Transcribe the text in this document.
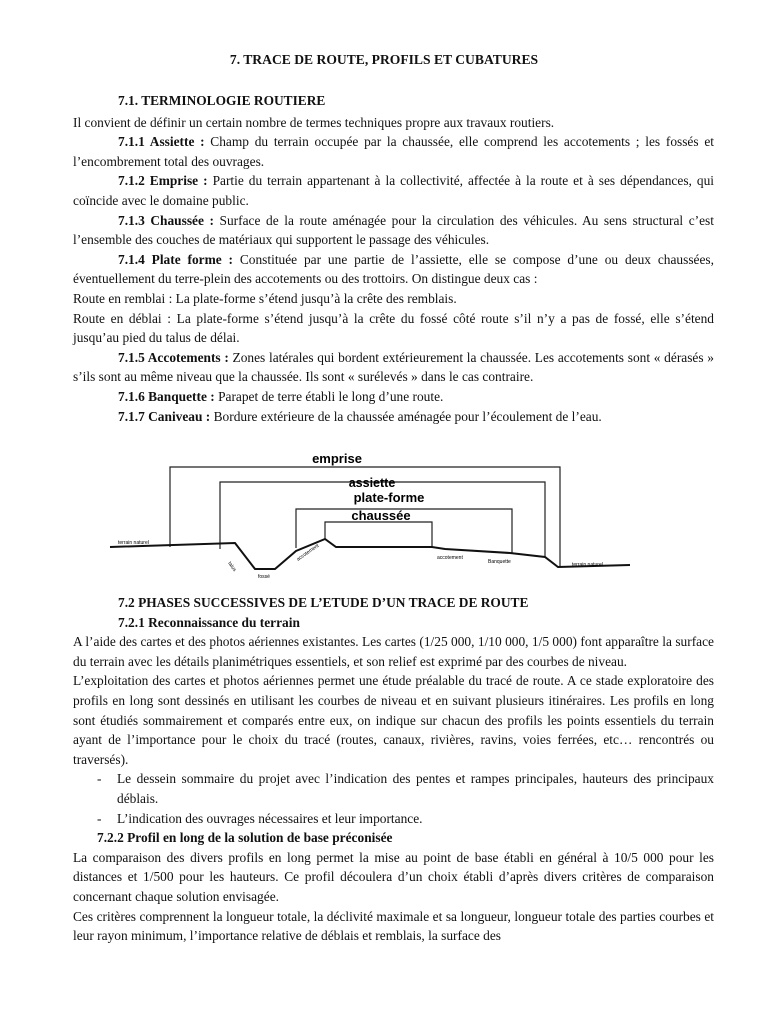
7. TRACE DE ROUTE, PROFILS ET CUBATURES
7.1. TERMINOLOGIE ROUTIERE
Il convient de définir un certain nombre de termes techniques propre aux travaux routiers.
7.1.1 Assiette : Champ du terrain occupée par la chaussée, elle comprend les accotements ; les fossés et l’encombrement total des ouvrages.
7.1.2 Emprise : Partie du terrain appartenant à la collectivité, affectée à la route et à ses dépendances, qui coïncide avec le domaine public.
7.1.3 Chaussée : Surface de la route aménagée pour la circulation des véhicules. Au sens structural c’est l’ensemble des couches de matériaux qui supportent le passage des véhicules.
7.1.4 Plate forme : Constituée par une partie de l’assiette, elle se compose d’une ou deux chaussées, éventuellement du terre-plein des accotements ou des trottoirs. On distingue deux cas :
Route en remblai : La plate-forme s’étend jusqu’à la crête des remblais.
Route en déblai : La plate-forme s’étend jusqu’à la crête du fossé côté route s’il n’y a pas de fossé, elle s’étend jusqu’au pied du talus de délai.
7.1.5 Accotements : Zones latérales qui bordent extérieurement la chaussée. Les accotements sont « dérasés » s’ils sont au même niveau que la chaussée. Ils sont « surélevés » dans le cas contraire.
7.1.6 Banquette : Parapet de terre établi le long d’une route.
7.1.7 Caniveau : Bordure extérieure de la chaussée aménagée pour l’écoulement de l’eau.
emprise
assiette
plate-forme
chaussée
terrain naturel
terrain naturel
talus
fossé
accotement	accotement
Banquette
7.2 PHASES SUCCESSIVES DE L’ETUDE D’UN TRACE DE ROUTE
7.2.1 Reconnaissance du terrain
A l’aide des cartes et des photos aériennes existantes. Les cartes (1/25 000, 1/10 000, 1/5 000) font apparaître la surface du terrain avec les détails planimétriques essentiels, et son relief est exprimé par des courbes de niveau.
L’exploitation des cartes et photos aériennes permet une étude préalable du tracé de route. A ce stade exploratoire des profils en long sont dessinés en utilisant les courbes de niveau et en suivant plusieurs itinéraires. Les profils en long sont étudiés sommairement et comparés entre eux, on indique sur chacun des profils les points essentiels du terrain ayant de l’importance pour le choix du tracé (routes, canaux, rivières, ravins, voies ferrées, etc… rencontrés ou traversés).
-	Le dessein sommaire du projet avec l’indication des pentes et rampes principales, hauteurs des principaux déblais.
-	L’indication des ouvrages nécessaires et leur importance.
7.2.2 Profil en long de la solution de base préconisée
La comparaison des divers profils en long permet la mise au point de base établi en général à 10/5 000 pour les distances et 1/500 pour les hauteurs. Ce profil découlera d’un choix établi d’après divers critères de comparaison concernant chaque solution envisagée.
Ces critères comprennent la longueur totale, la déclivité maximale et sa longueur, longueur totale des parties courbes et leur rayon minimum, l’importance relative de déblais et remblais, la surface des
